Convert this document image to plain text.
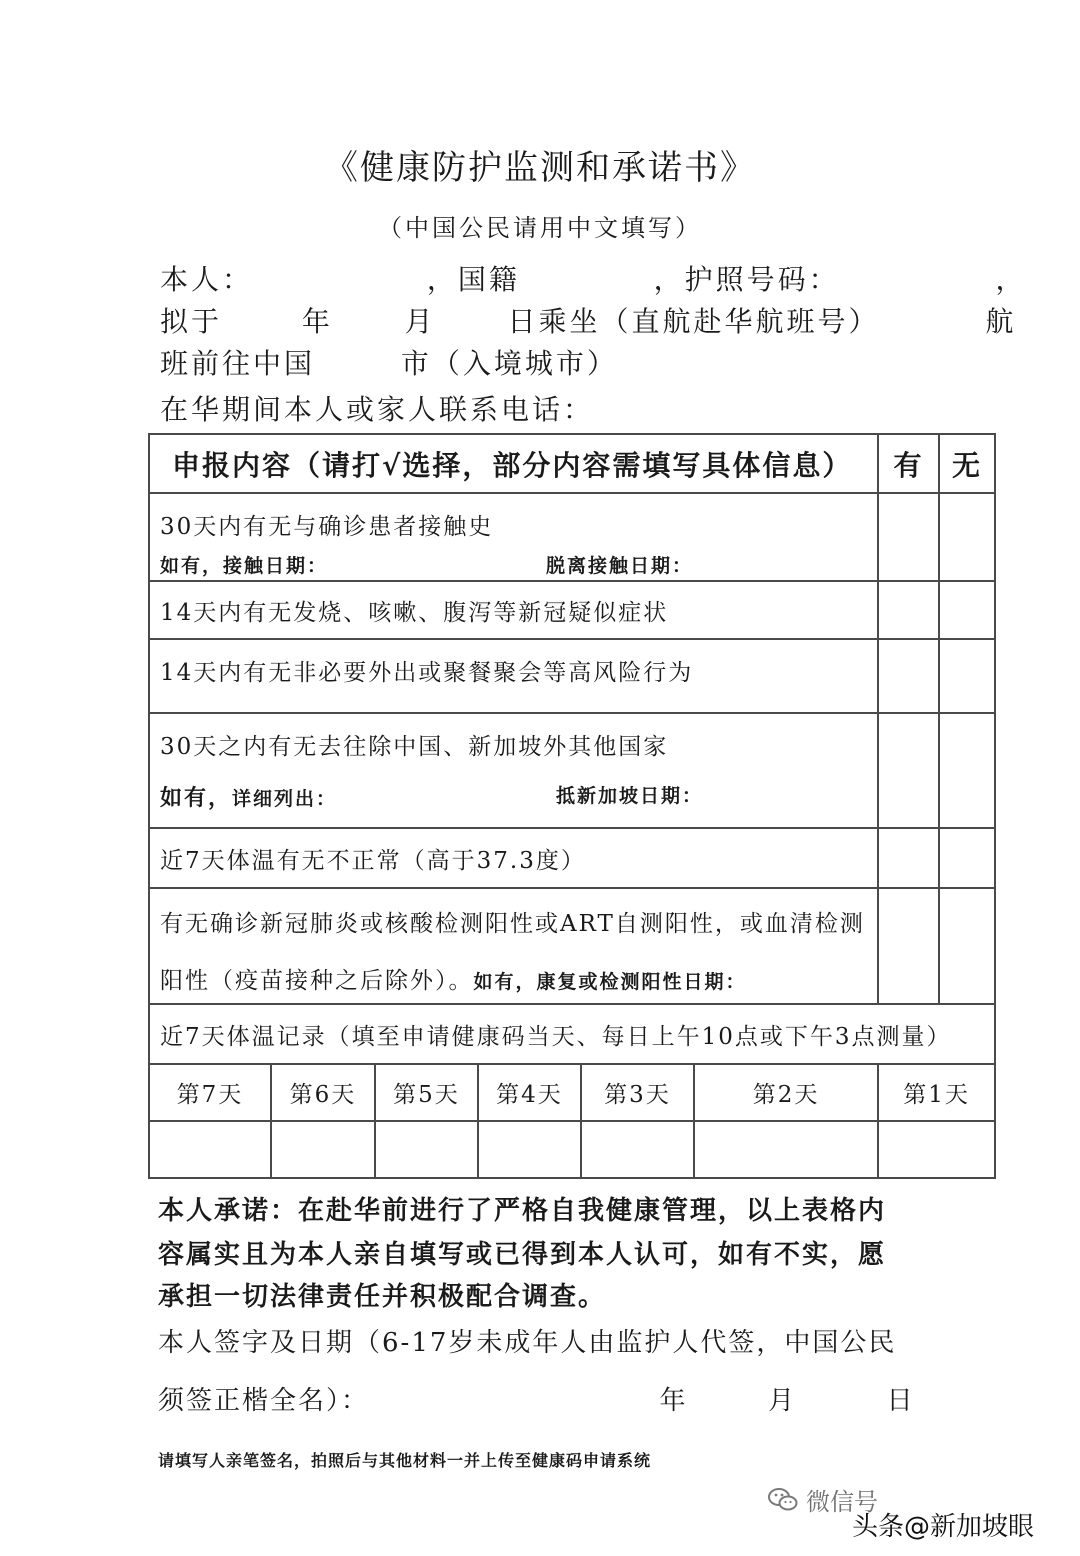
《健康防护监测和承诺书》
（中国公民请用中文填写）
本人：	，国籍	，护照号码：	，
拟于	年	月	日乘坐（直航赴华航班号）	航
班前往中国	市（入境城市）
在华期间本人或家人联系电话：
申报内容（请打√选择，部分内容需填写具体信息）						有	无

30天内有无与确诊患者接触史
如有，接触日期： 脱离接触日期：							

14天内有无发烧、咳嗽、腹泻等新冠疑似症状							

14天内有无非必要外出或聚餐聚会等高风险行为							

30天之内有无去往除中国、新加坡外其他国家
如有，详细列出： 抵新加坡日期：							

近7天体温有无不正常（高于37.3度）							

有无确诊新冠肺炎或核酸检测阳性或ART自测阳性，或血清检测
阳性（疫苗接种之后除外）。如有，康复或检测阳性日期：							

近7天体温记录（填至申请健康码当天、每日上午10点或下午3点测量）							
第7天	第6天	第5天	第4天	第3天	第2天	第1天	

本人承诺：在赴华前进行了严格自我健康管理，以上表格内
容属实且为本人亲自填写或已得到本人认可，如有不实，愿
承担一切法律责任并积极配合调查。
本人签字及日期（6-17岁未成年人由监护人代签，中国公民
须签正楷全名）：	年	月	日
请填写人亲笔签名，拍照后与其他材料一并上传至健康码申请系统
微信号
头条@新加坡眼
